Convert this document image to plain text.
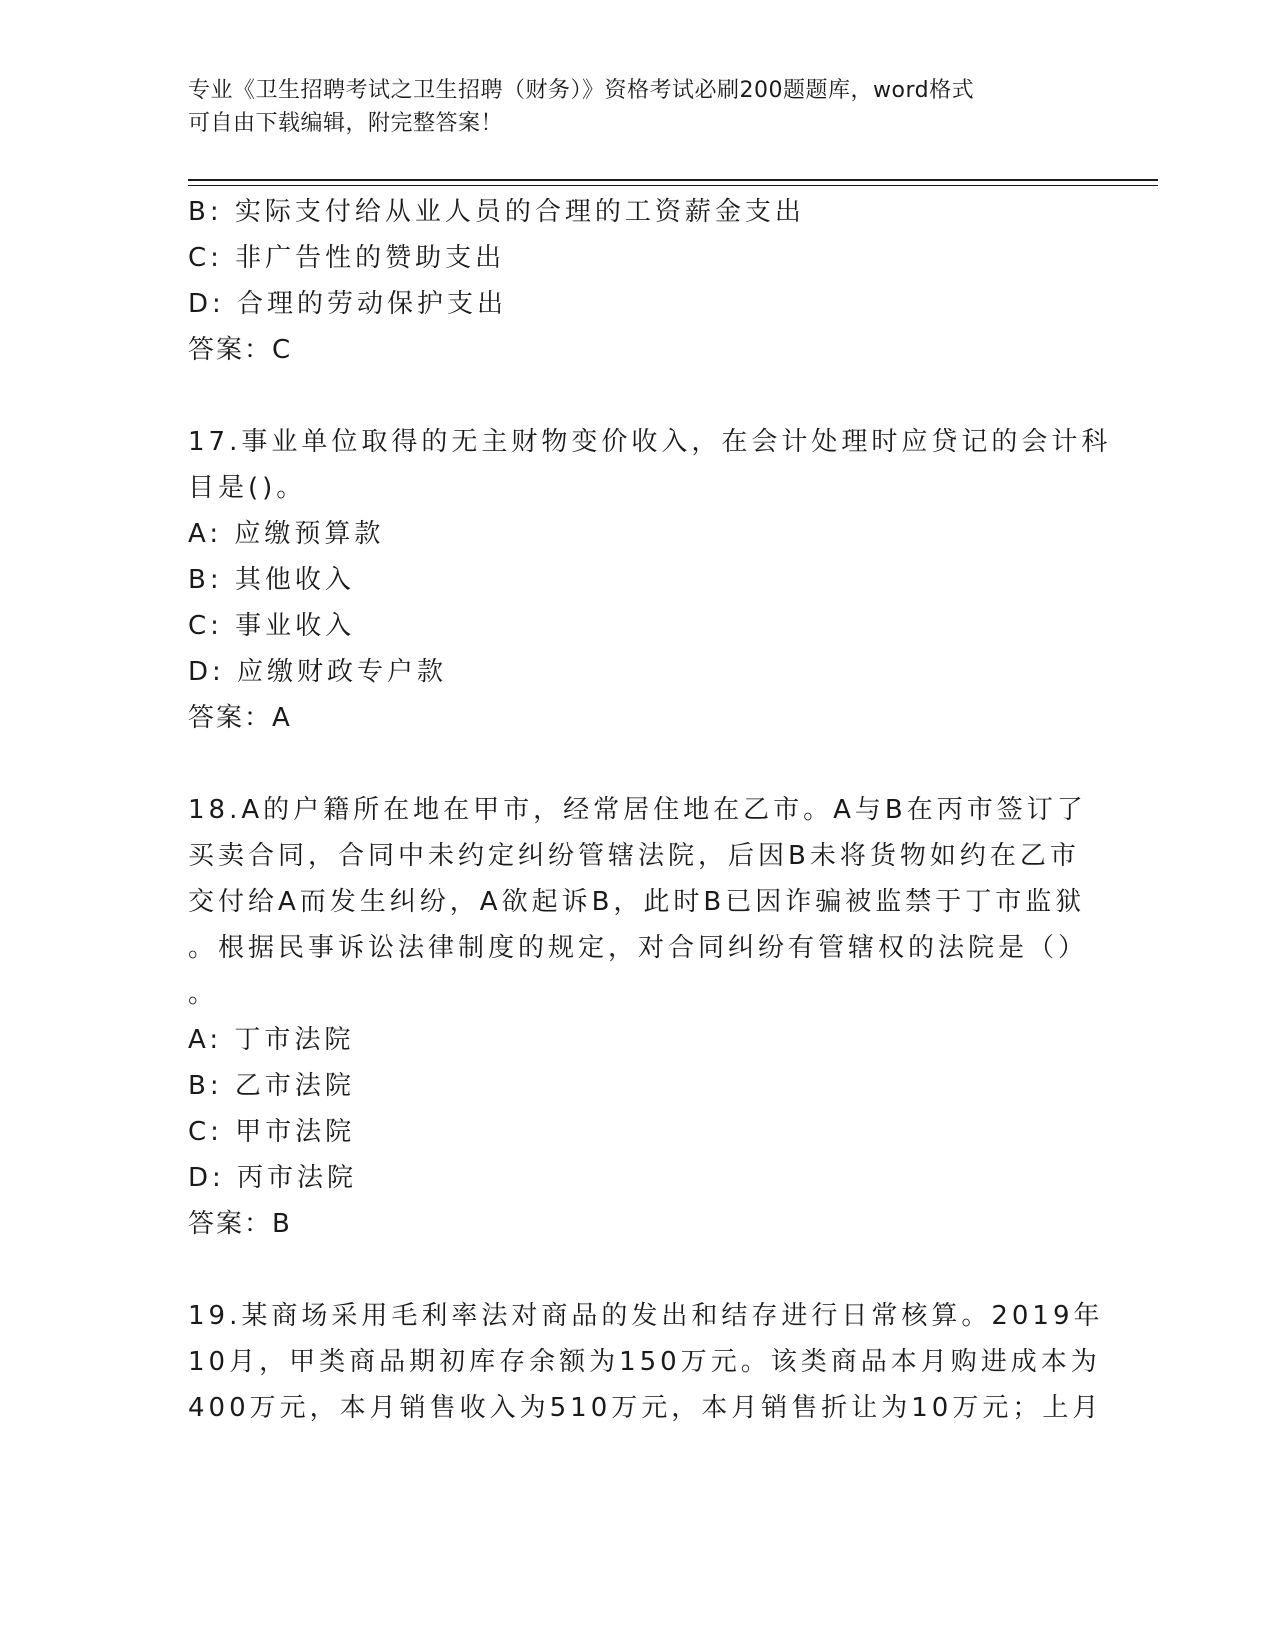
专业《卫生招聘考试之卫生招聘（财务）》资格考试必刷200题题库，word格式
可自由下载编辑，附完整答案！
B: 实际支付给从业人员的合理的工资薪金支出
C: 非广告性的赞助支出
D: 合理的劳动保护支出
答案：C
17.事业单位取得的无主财物变价收入，在会计处理时应贷记的会计科
目是()。
A: 应缴预算款
B: 其他收入
C: 事业收入
D: 应缴财政专户款
答案：A
18.A的户籍所在地在甲市，经常居住地在乙市。A与B在丙市签订了
买卖合同，合同中未约定纠纷管辖法院，后因B未将货物如约在乙市
交付给A而发生纠纷，A欲起诉B，此时B已因诈骗被监禁于丁市监狱
。根据民事诉讼法律制度的规定，对合同纠纷有管辖权的法院是（）
。
A: 丁市法院
B: 乙市法院
C: 甲市法院
D: 丙市法院
答案：B
19.某商场采用毛利率法对商品的发出和结存进行日常核算。2019年
10月，甲类商品期初库存余额为150万元。该类商品本月购进成本为
400万元，本月销售收入为510万元，本月销售折让为10万元；上月
